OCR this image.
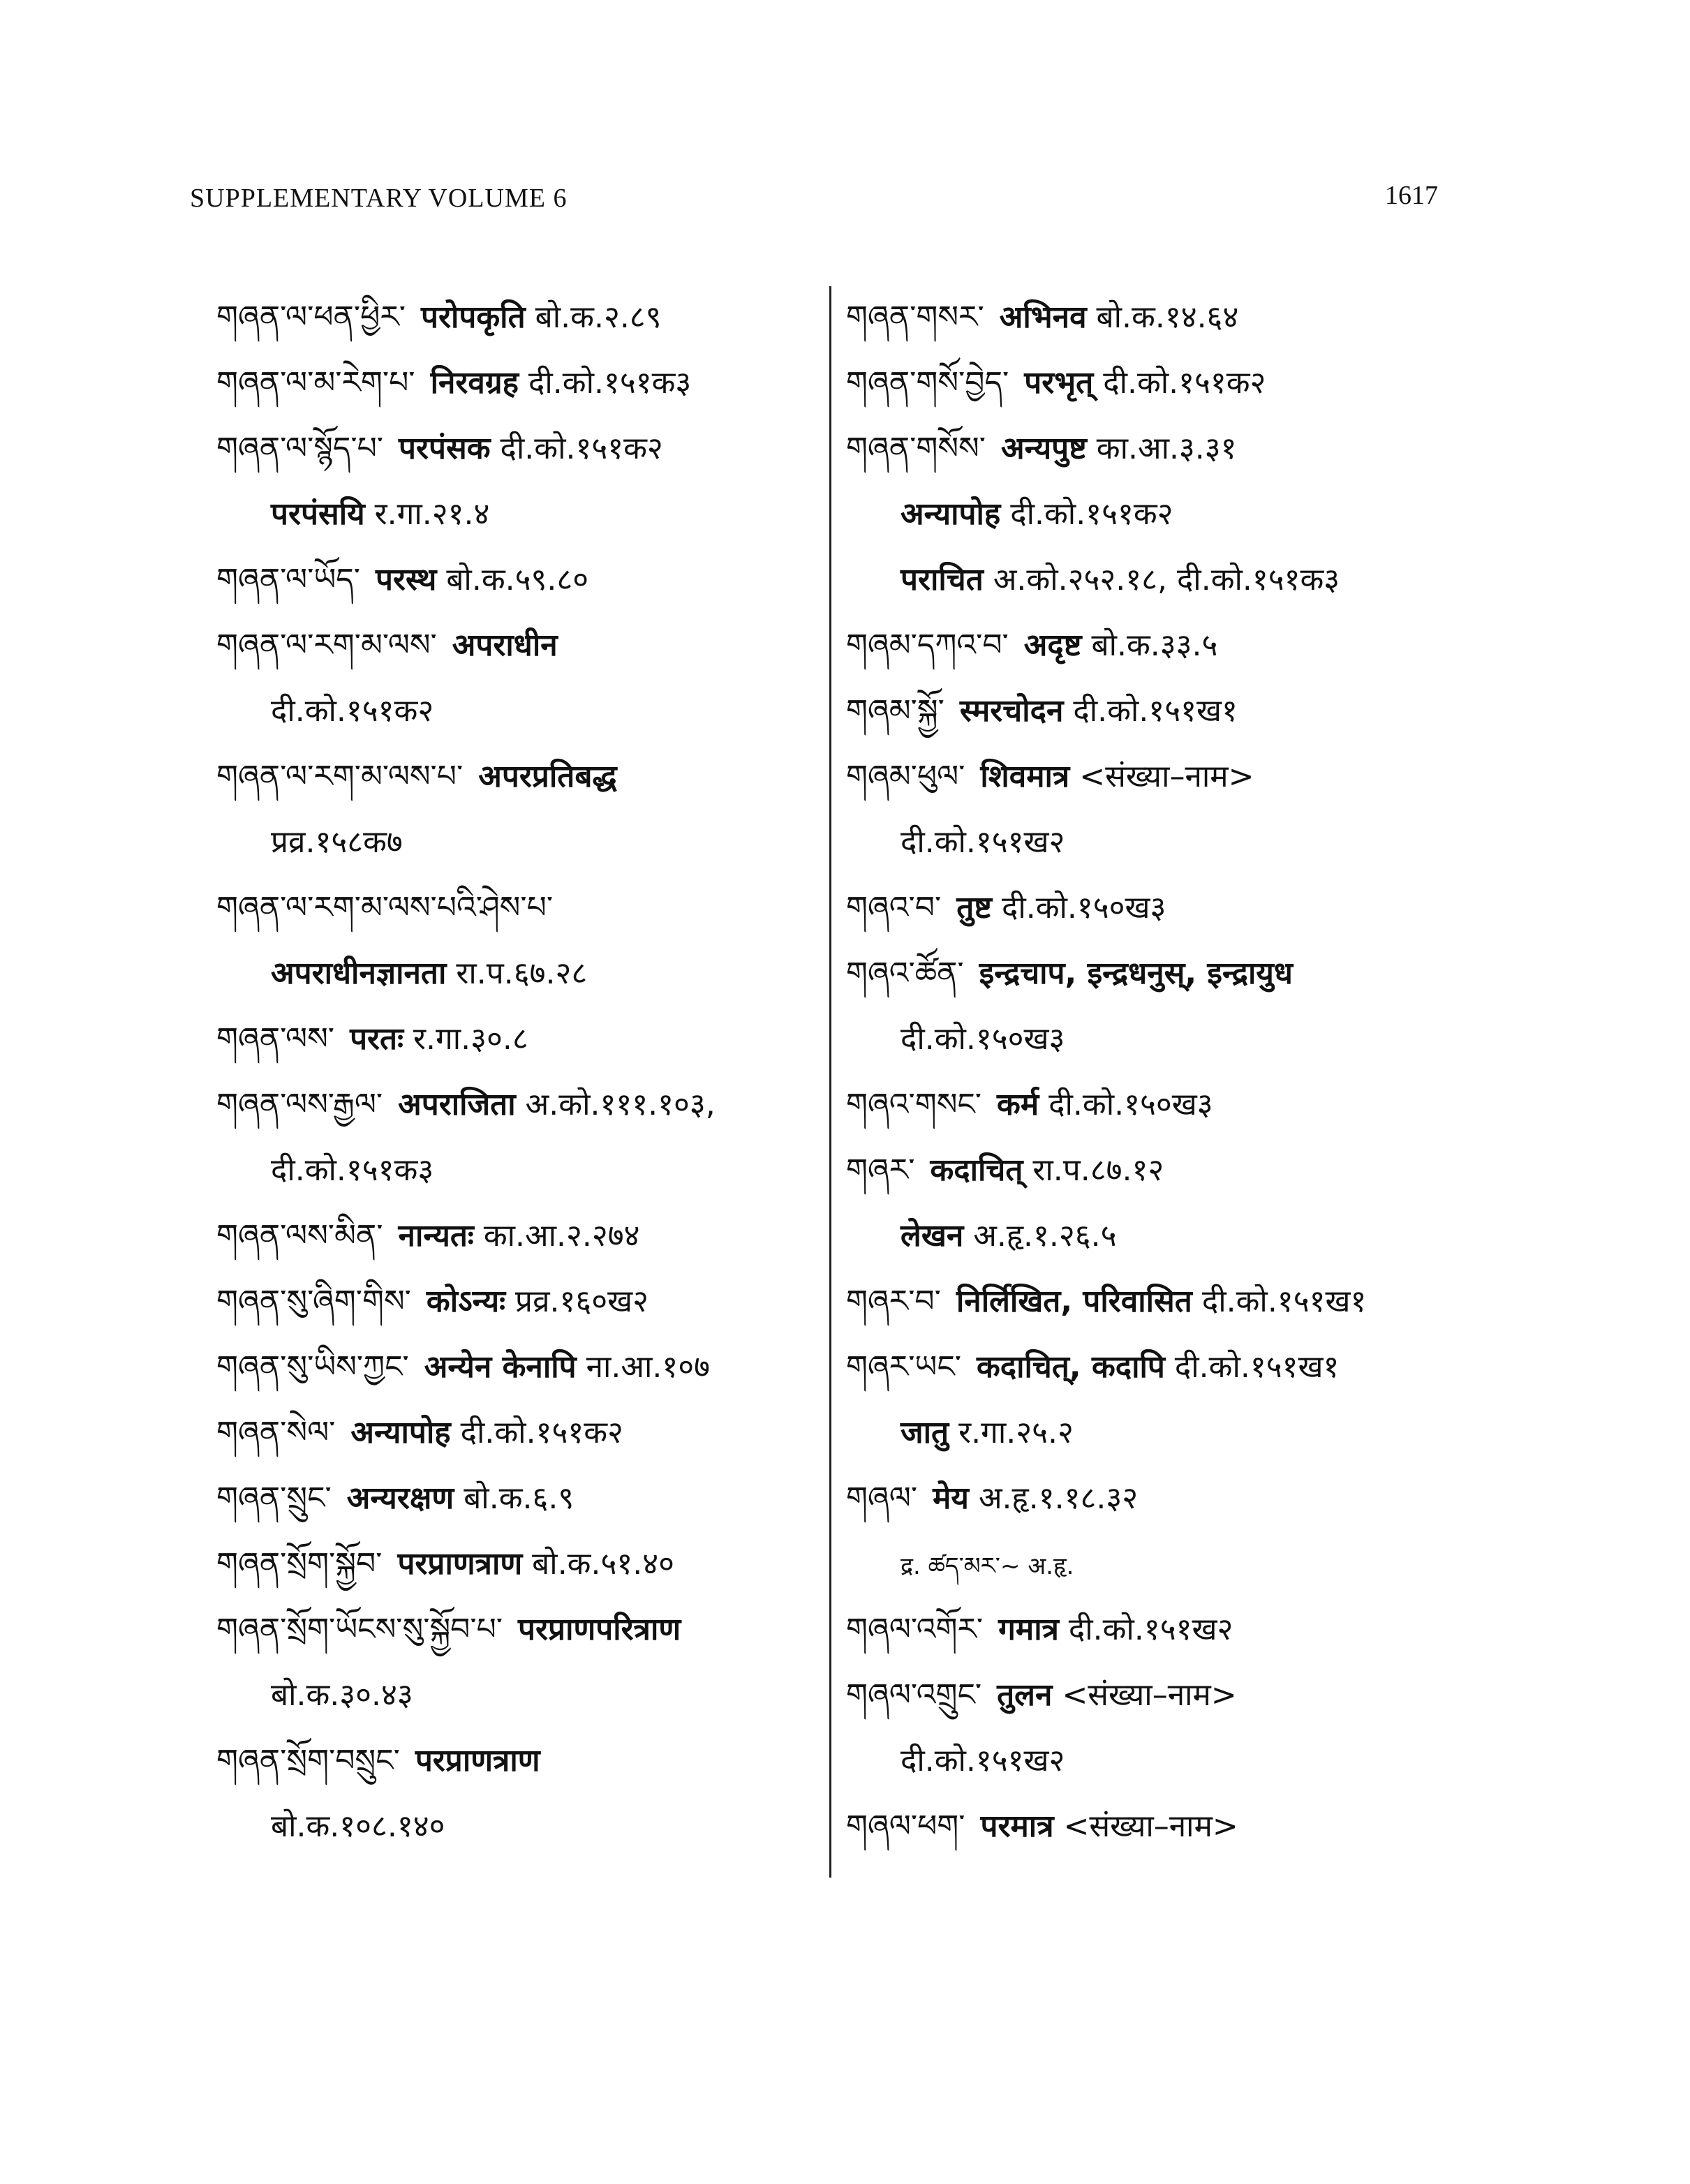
SUPPLEMENTARY VOLUME 6	1617
གཞན་ལ་ཕན་ཕྱིར་ परोपकृति बो.क.२.८९
གཞན་ལ་མ་རེག་པ་ निरवग्रह दी.को.१५१क३
གཞན་ལ་སྙོད་པ་ परपंसक दी.को.१५१क२
परपंसयि र.गा.२१.४
གཞན་ལ་ཡོད་ परस्थ बो.क.५९.८०
གཞན་ལ་རག་མ་ལས་ अपराधीन
दी.को.१५१क२
གཞན་ལ་རག་མ་ལས་པ་ अपरप्रतिबद्ध
प्रव्र.१५८क७
གཞན་ལ་རག་མ་ལས་པའི་ཤེས་པ་
अपराधीनज्ञानता रा.प.६७.२८
གཞན་ལས་ परतः र.गा.३०.८
གཞན་ལས་རྒྱལ་ अपराजिता अ.को.१११.१०३,
दी.को.१५१क३
གཞན་ལས་མིན་ नान्यतः का.आ.२.२७४
གཞན་སུ་ཞིག་གིས་ कोऽन्यः प्रव्र.१६०ख२
གཞན་སུ་ཡིས་ཀྱང་ अन्येन केनापि ना.आ.१०७
གཞན་སེལ་ अन्यापोह दी.को.१५१क२
གཞན་སྲུང་ अन्यरक्षण बो.क.६.९
གཞན་སྲོག་སྐྱོབ་ परप्राणत्राण बो.क.५१.४०
གཞན་སྲོག་ཡོངས་སུ་སྐྱོབ་པ་ परप्राणपरित्राण
बो.क.३०.४३
གཞན་སྲོག་བསྲུང་ परप्राणत्राण
बो.क.१०८.१४०
གཞན་གསར་ अभिनव बो.क.१४.६४
གཞན་གསོ་བྱེད་ परभृत् दी.को.१५१क२
གཞན་གསོས་ अन्यपुष्ट का.आ.३.३१
अन्यापोह दी.को.१५१क२
पराचित अ.को.२५२.१८, दी.को.१५१क३
གཞམ་དཀའ་བ་ अदृष्ट बो.क.३३.५
གཞམ་སྐྱོ་ स्मरचोदन दी.को.१५१ख१
གཞམ་ཕུལ་ शिवमात्र <संख्या–नाम>
दी.को.१५१ख२
གཞའ་བ་ तुष्ट दी.को.१५०ख३
གཞའ་ཚོན་ इन्द्रचाप, इन्द्रधनुस्, इन्द्रायुध
दी.को.१५०ख३
གཞའ་གསང་ कर्म दी.को.१५०ख३
གཞར་ कदाचित् रा.प.८७.१२
लेखन अ.हृ.१.२६.५
གཞར་བ་ निर्लिखित, परिवासित दी.को.१५१ख१
གཞར་ཡང་ कदाचित्, कदापि दी.को.१५१ख१
जातु र.गा.२५.२
གཞལ་ मेय अ.हृ.१.१८.३२
द्र. ཚད་མར་~ अ.हृ.
གཞལ་འགོར་ गमात्र दी.को.१५१ख२
གཞལ་འགྲུང་ तुलन <संख्या–नाम>
दी.को.१५१ख२
གཞལ་ཕག་ परमात्र <संख्या–नाम>
